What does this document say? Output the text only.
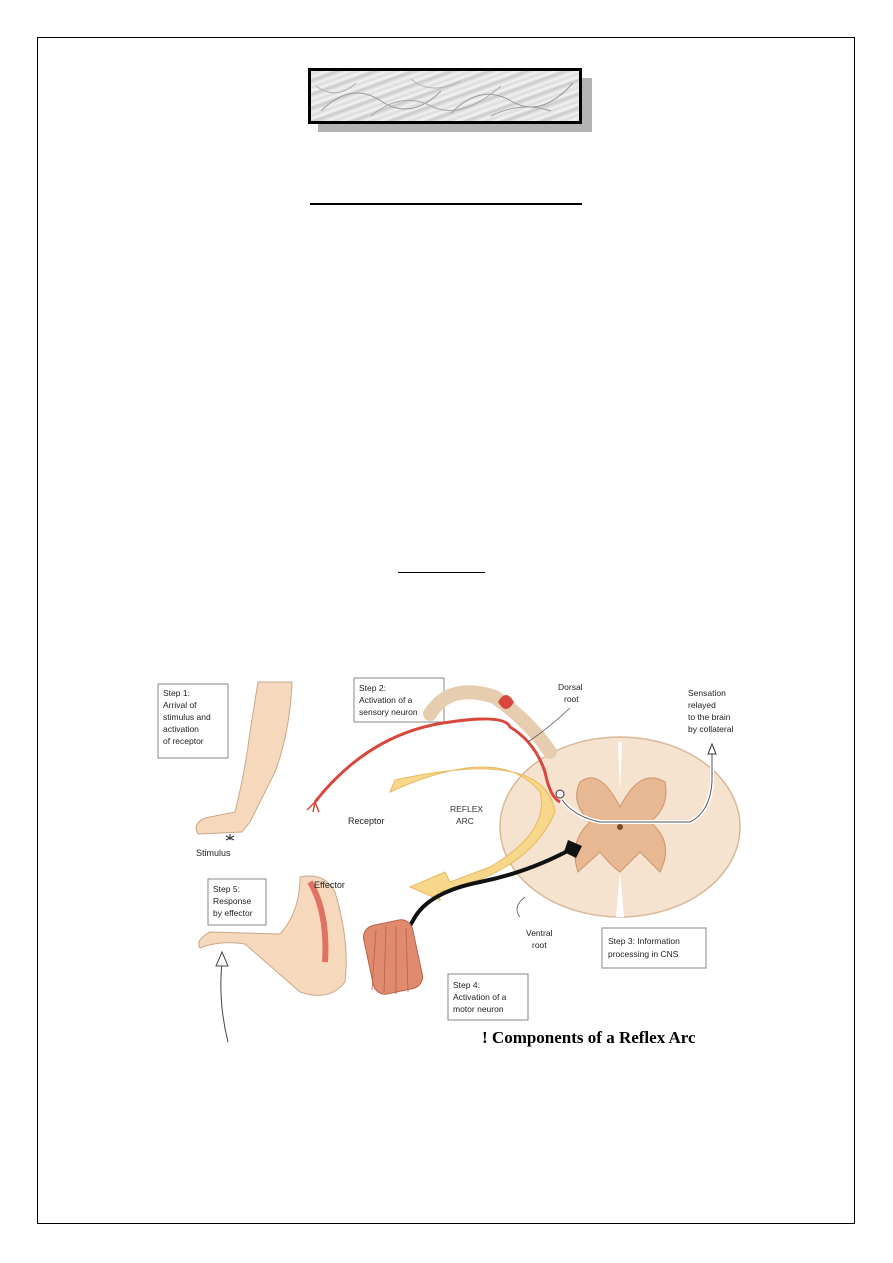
Step 1:
Arrival of
stimulus and
activation
of receptor
Stimulus
Step 2:
Activation of a
sensory neuron
REFLEX
ARC
Receptor
Step 5:
Response
by effector
Effector
Dorsal
root
Sensation
relayed
to the brain
by collateral
Ventral
root	Step 3: Information
processing in CNS
Step 4:
Activation of a
motor neuron
! Components of a Reflex Arc
